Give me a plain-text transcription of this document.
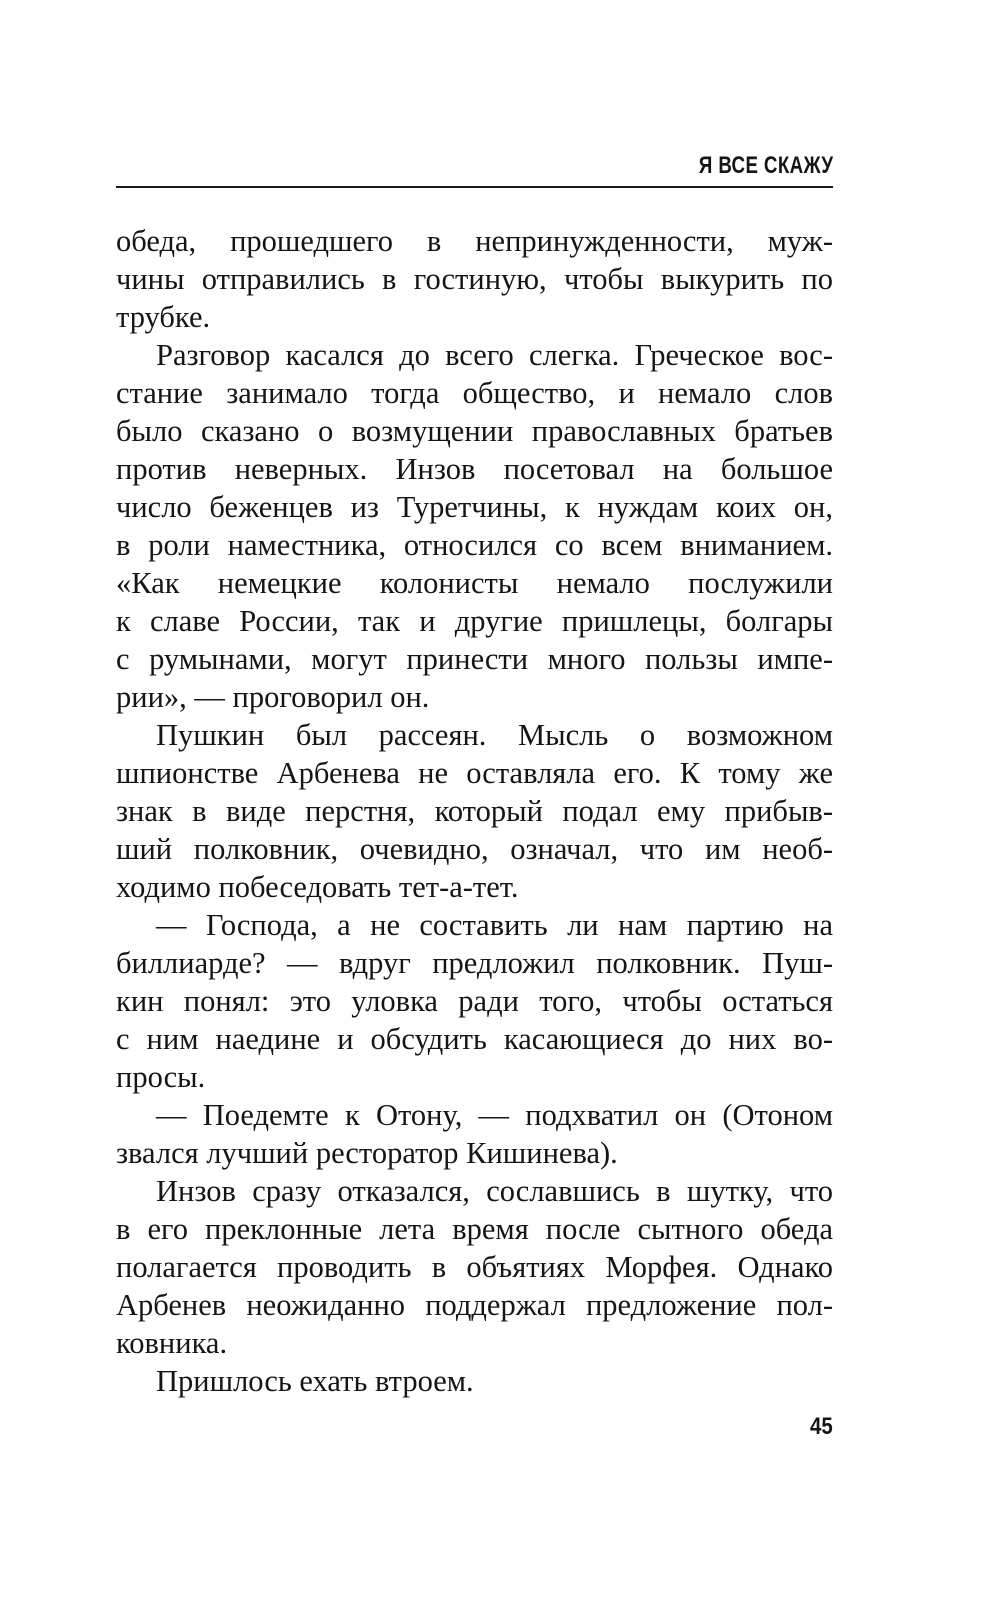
Я ВСЕ СКАЖУ
обеда, прошедшего в непринужденности, муж-
чины отправились в гостиную, чтобы выкурить по
трубке.
Разговор касался до всего слегка. Греческое вос-
стание занимало тогда общество, и немало слов
было сказано о возмущении православных братьев
против неверных. Инзов посетовал на большое
число беженцев из Туретчины, к нуждам коих он,
в роли наместника, относился со всем вниманием.
«Как немецкие колонисты немало послужили
к славе России, так и другие пришлецы, болгары
с румынами, могут принести много пользы импе-
рии», — проговорил он.
Пушкин был рассеян. Мысль о возможном
шпионстве Арбенева не оставляла его. К тому же
знак в виде перстня, который подал ему прибыв-
ший полковник, очевидно, означал, что им необ-
ходимо побеседовать тет-а-тет.
— Господа, а не составить ли нам партию на
биллиарде? — вдруг предложил полковник. Пуш-
кин понял: это уловка ради того, чтобы остаться
с ним наедине и обсудить касающиеся до них во-
просы.
— Поедемте к Отону, — подхватил он (Отоном
звался лучший ресторатор Кишинева).
Инзов сразу отказался, сославшись в шутку, что
в его преклонные лета время после сытного обеда
полагается проводить в объятиях Морфея. Однако
Арбенев неожиданно поддержал предложение пол-
ковника.
Пришлось ехать втроем.
45
